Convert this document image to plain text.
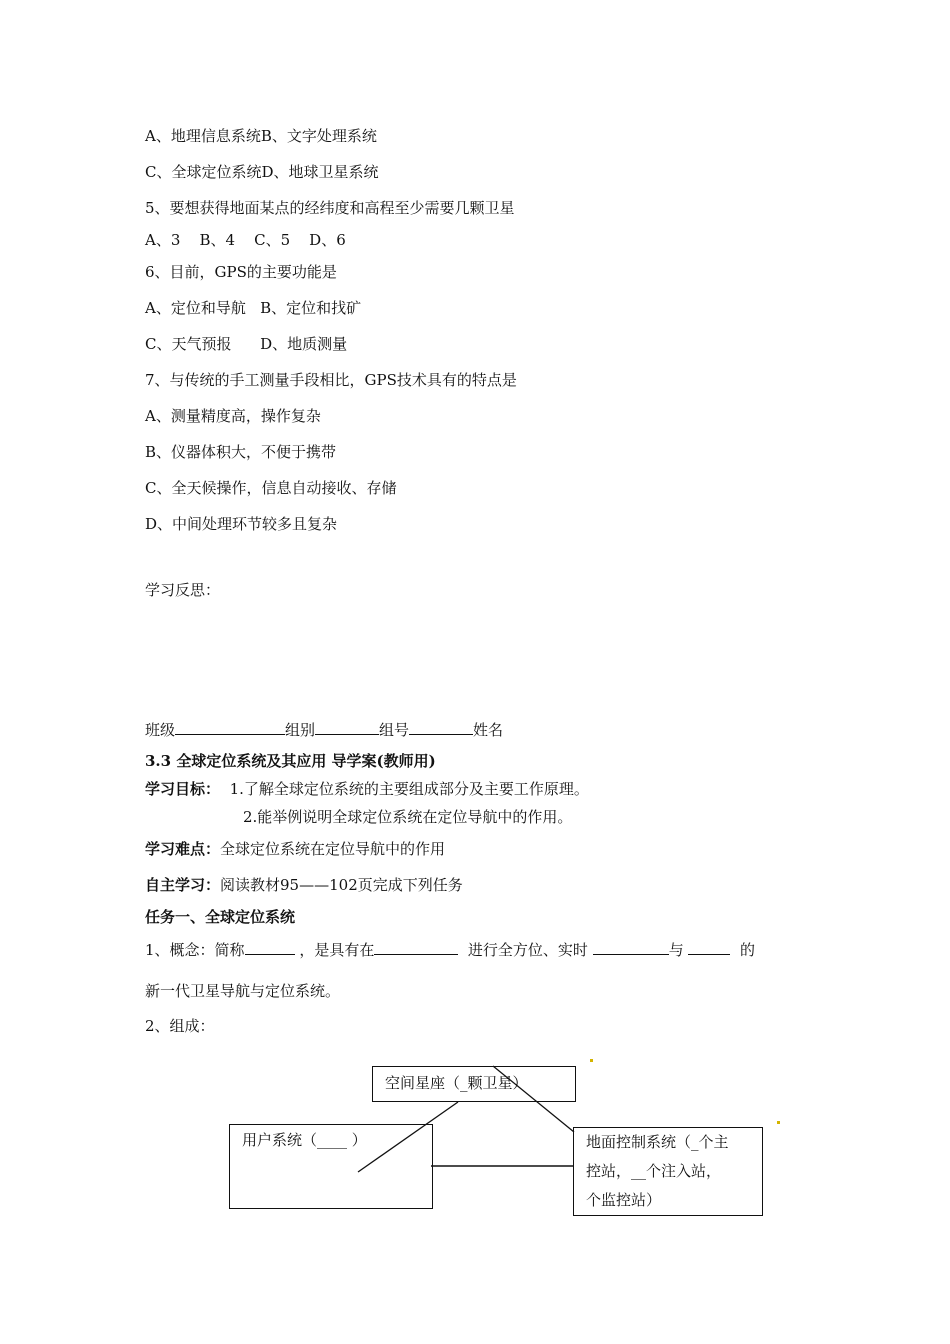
A、地理信息系统B、文字处理系统
C、全球定位系统D、地球卫星系统
5、要想获得地面某点的经纬度和高程至少需要几颗卫星
A、3    B、4    C、5    D、6
6、目前，GPS的主要功能是
A、定位和导航   B、定位和找矿
C、天气预报      D、地质测量
7、与传统的手工测量手段相比，GPS技术具有的特点是
A、测量精度高，操作复杂
B、仪器体积大，不便于携带
C、全天候操作，信息自动接收、存储
D、中间处理环节较多且复杂
学习反思：
班级	组别	组号	姓名
3.3 全球定位系统及其应用 导学案(教师用)
学习目标： 1.了解全球定位系统的主要组成部分及主要工作原理。
2.能举例说明全球定位系统在定位导航中的作用。
学习难点：全球定位系统在定位导航中的作用
自主学习：阅读教材95——102页完成下列任务
任务一、全球定位系统
1、概念：简称	，是具有在	进行全方位、实时	与	的
新一代卫星导航与定位系统。
2、组成：
空间星座（_颗卫星）
用户系统（____ ）	地面控制系统（_个主
控站，__个注入站，
个监控站）
